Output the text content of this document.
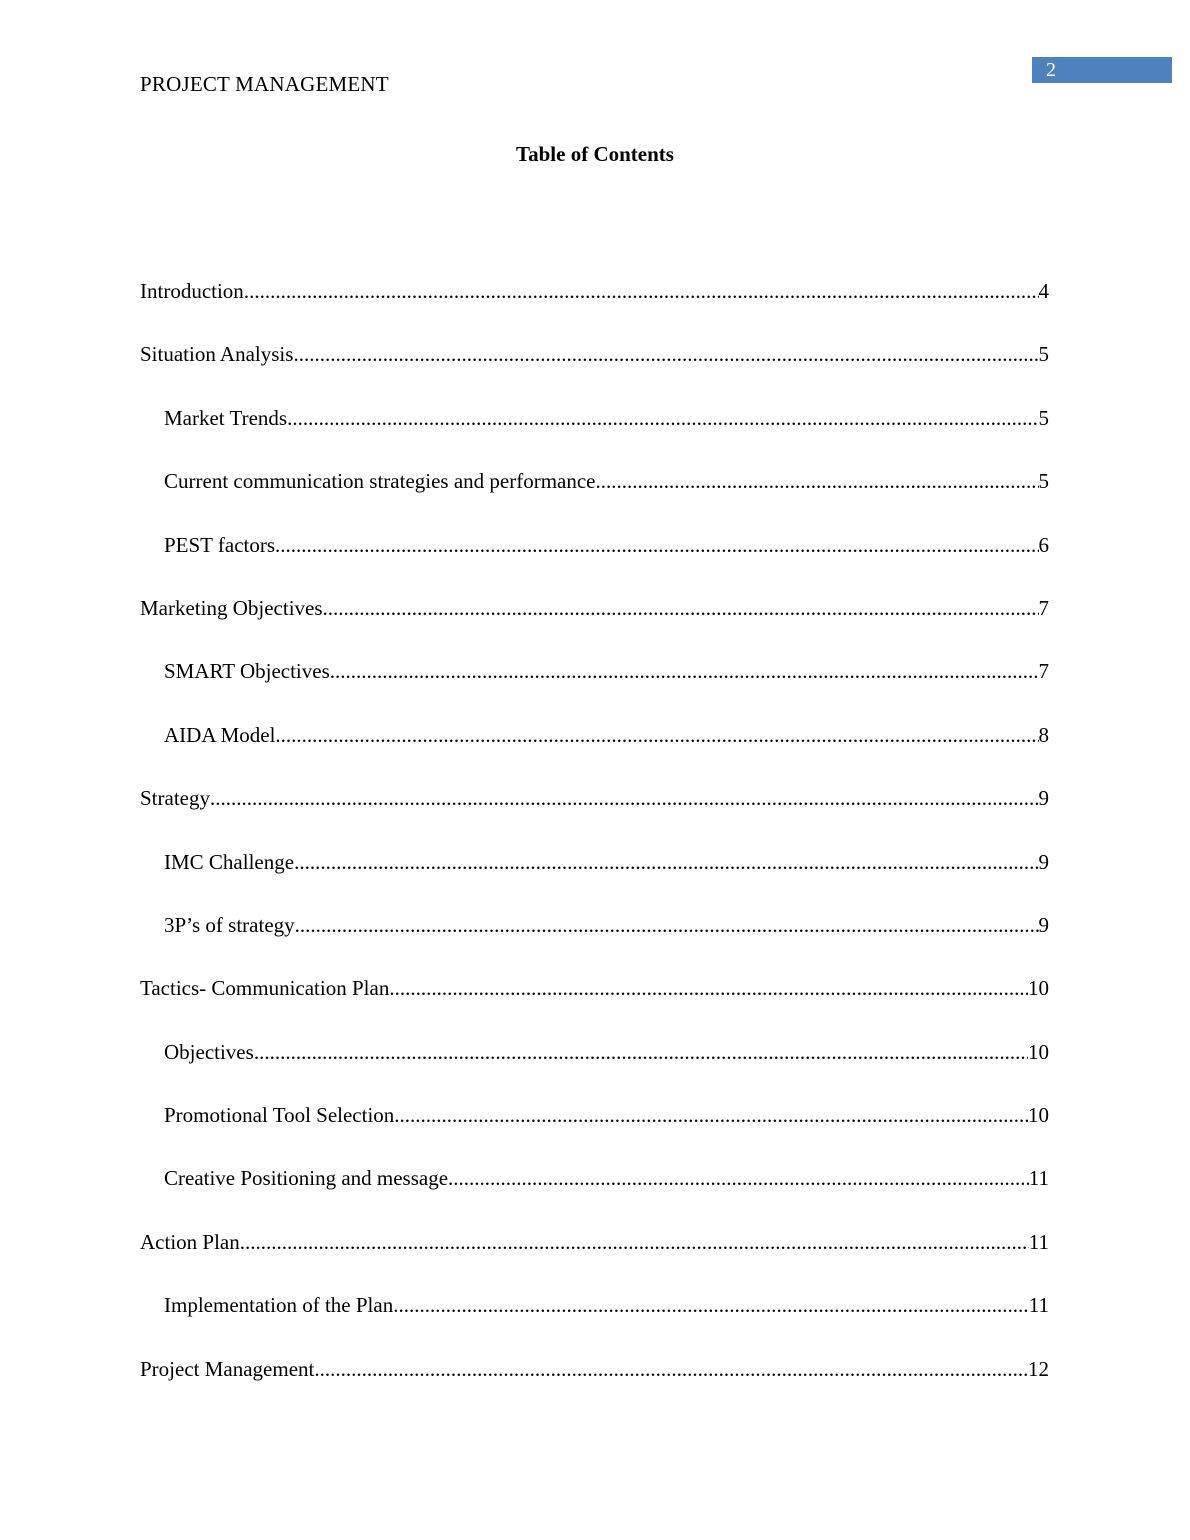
2
PROJECT MANAGEMENT
Table of Contents
Introduction .....	4
Situation Analysis .....	5
Market Trends .....	5
Current communication strategies and performance .....	5
PEST factors .....	6
Marketing Objectives .....	7
SMART Objectives .....	7
AIDA Model .....	8
Strategy .....	9
IMC Challenge .....	9
3P’s of strategy .....	9
Tactics- Communication Plan .....	10
Objectives .....	10
Promotional Tool Selection .....	10
Creative Positioning and message .....	11
Action Plan .....	11
Implementation of the Plan .....	11
Project Management .....	12
